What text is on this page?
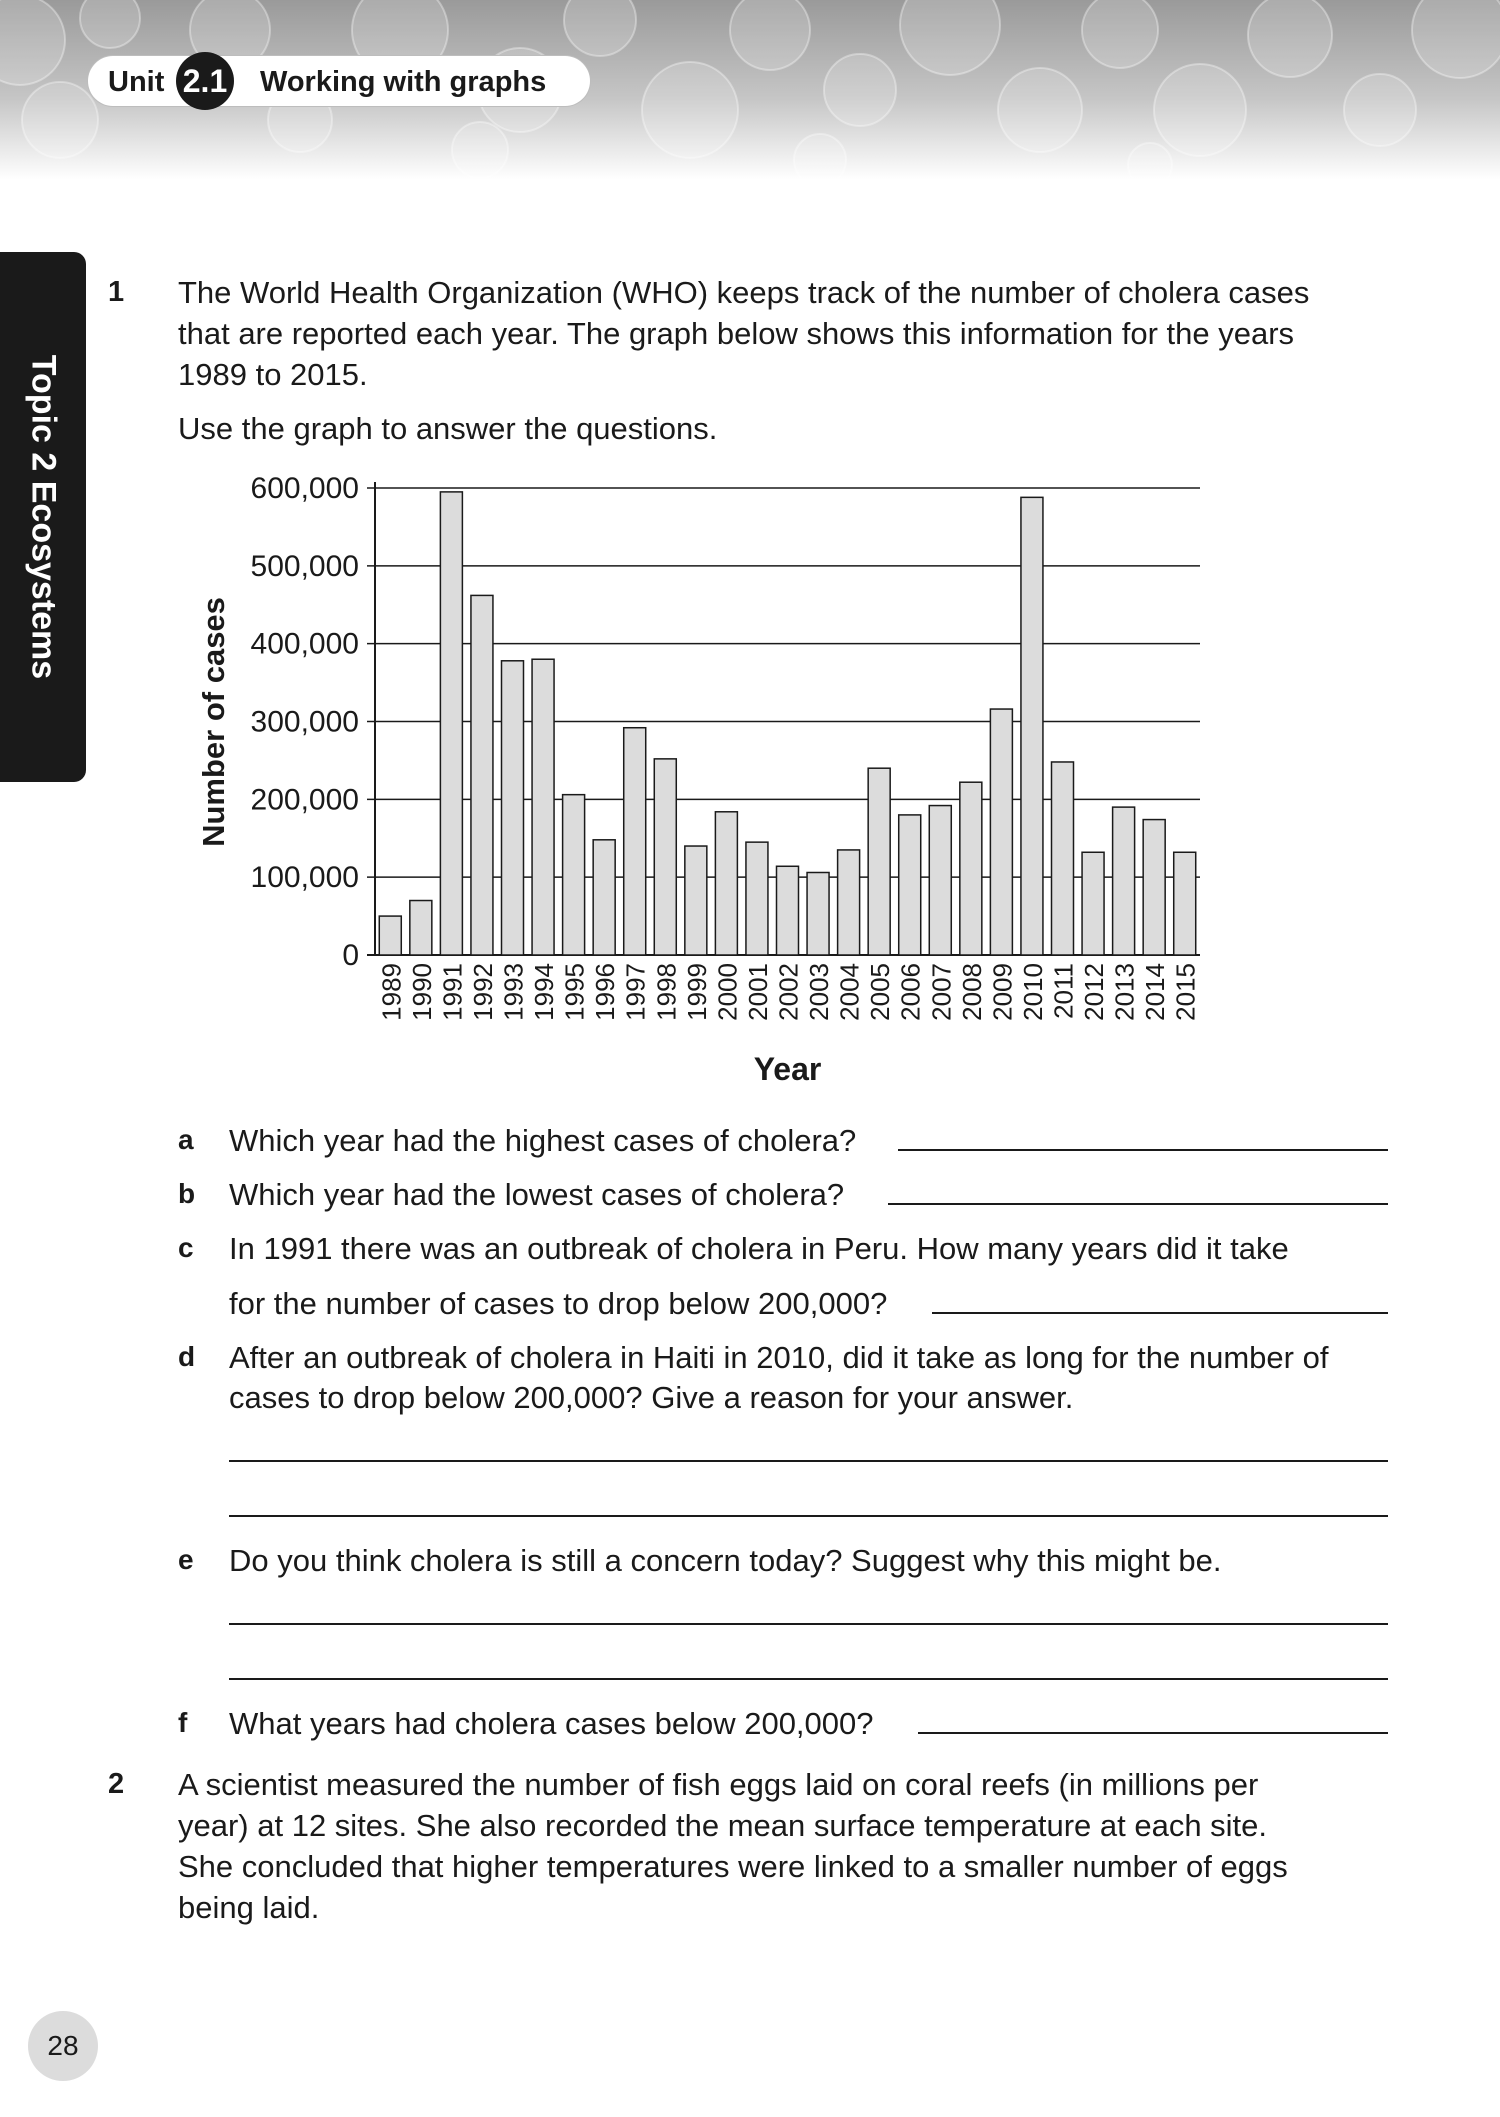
Unit 2.1 Working with graphs
Topic 2 Ecosystems
1 The World Health Organization (WHO) keeps track of the number of cholera cases
that are reported each year. The graph below shows this information for the years
1989 to 2015.
Use the graph to answer the questions.
0
100,000
200,000
300,000
400,000
500,000
600,000
1989 1990 1991 1992 1993 1994 1995 1996 1997 1998 1999 2000 2001 2002 2003 2004 2005 2006 2007 2008 2009 2010 2011 2012 2013 2014 2015
Year
Number of cases
a Which year had the highest cases of cholera?
b Which year had the lowest cases of cholera?
c In 1991 there was an outbreak of cholera in Peru. How many years did it take
for the number of cases to drop below 200,000?
d After an outbreak of cholera in Haiti in 2010, did it take as long for the number of
cases to drop below 200,000? Give a reason for your answer.
e Do you think cholera is still a concern today? Suggest why this might be.
f What years had cholera cases below 200,000?
2 A scientist measured the number of fish eggs laid on coral reefs (in millions per
year) at 12 sites. She also recorded the mean surface temperature at each site.
She concluded that higher temperatures were linked to a smaller number of eggs
being laid.
28
